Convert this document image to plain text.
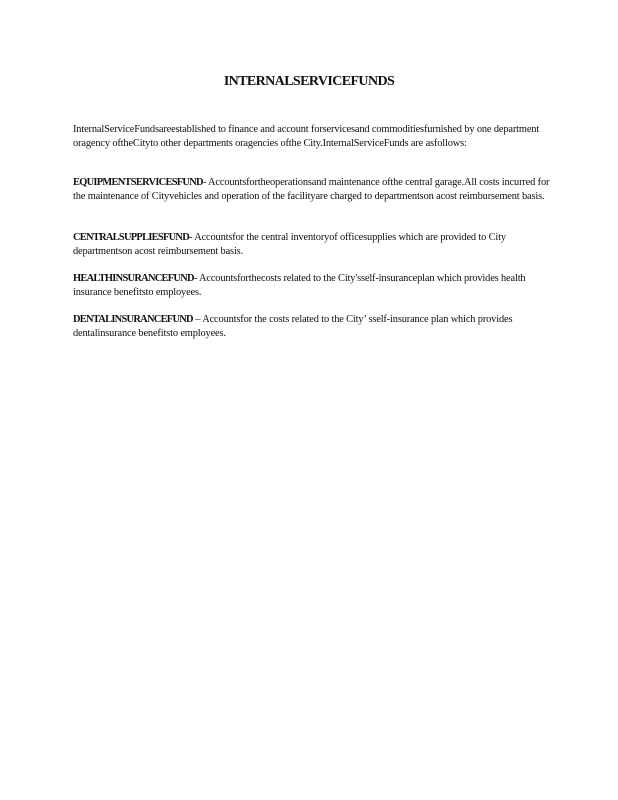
INTERNALSERVICEFUNDS
InternalServiceFundsareestablished to finance and account forservicesand commoditiesfurnished by one department oragency oftheCityto other departments oragencies ofthe City.InternalServiceFunds are asfollows:
EQUIPMENTSERVICESFUND- Accountsfortheoperationsand maintenance ofthe central garage.All costs incurred for the maintenance of Cityvehicles and operation of the facilityare charged to departmentson acost reimbursement basis.
CENTRALSUPPLIESFUND- Accountsfor the central inventoryof officesupplies which are provided to City departmentson acost reimbursement basis.
HEALTHINSURANCEFUND- Accountsforthecosts related to the City'sself-insuranceplan which provides health insurance benefitsto employees.
DENTALINSURANCEFUND – Accountsfor the costs related to the City’ sself-insurance plan which provides dentalinsurance benefitsto employees.
